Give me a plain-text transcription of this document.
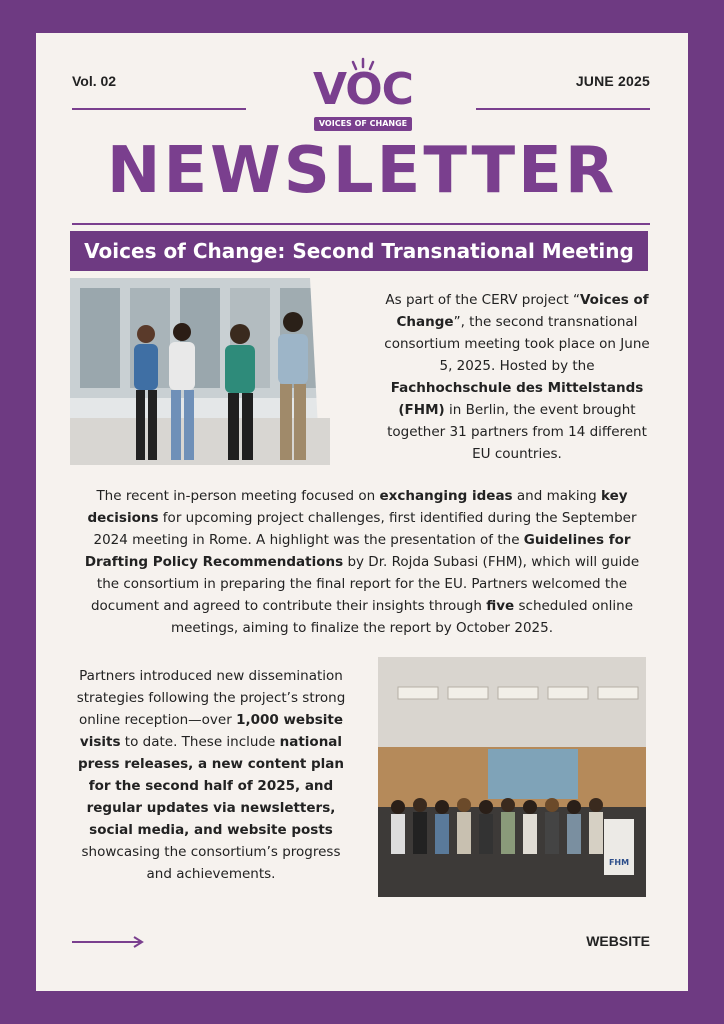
Vol. 02	JUNE 2025
VOC
VOICES OF CHANGE
NEWSLETTER
Voices of Change: Second Transnational Meeting
As part of the CERV project “Voices of Change”, the second transnational consortium meeting took place on June 5, 2025. Hosted by the Fachhochschule des Mittelstands (FHM) in Berlin, the event brought together 31 partners from 14 different EU countries.
The recent in-person meeting focused on exchanging ideas and making key decisions for upcoming project challenges, first identified during the September 2024 meeting in Rome. A highlight was the presentation of the Guidelines for Drafting Policy Recommendations by Dr. Rojda Subasi (FHM), which will guide the consortium in preparing the final report for the EU. Partners welcomed the document and agreed to contribute their insights through five scheduled online meetings, aiming to finalize the report by October 2025.
Partners introduced new dissemination strategies following the project’s strong online reception—over 1,000 website visits to date. These include national press releases, a new content plan for the second half of 2025, and regular updates via newsletters, social media, and website posts showcasing the consortium’s progress and achievements.
FHM
WEBSITE
